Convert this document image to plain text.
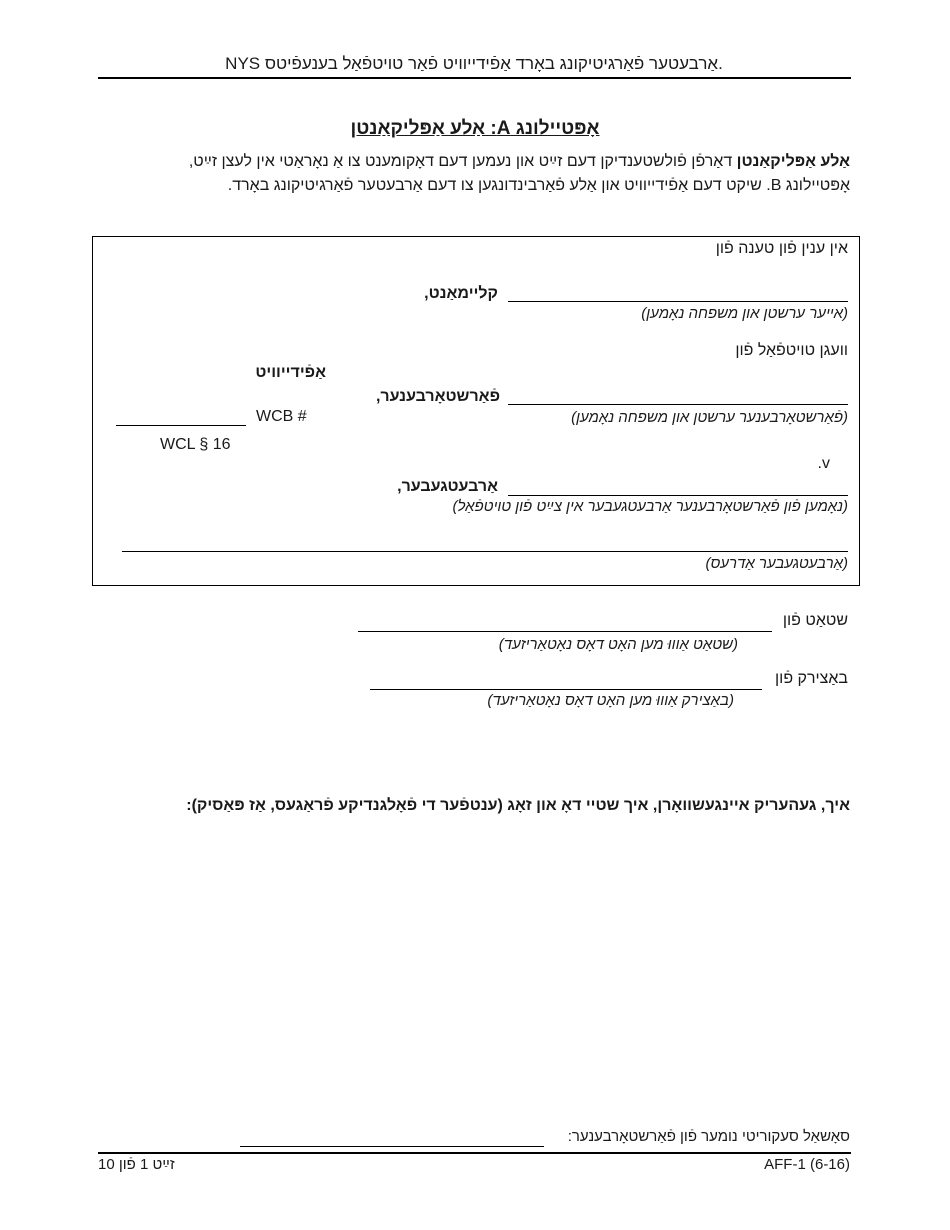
NYS אַרבעטער פֿאַרגיטיקונג באָרד אַפֿידייוויט פֿאַר טויטפֿאַל בענעפֿיטס.
אָפּטיילונג A: אַלע אַפּליקאַנטן
אַלע אַפּליקאַנטן דאַרפֿן פֿולשטענדיקן דעם זײַט און נעמען דעם דאָקומענט צו אַ נאָראַטי אין לעצן זײַט,
אָפּטיילונג B. שיקט דעם אַפֿידייוויט און אַלע פֿאַרבינדונגען צו דעם אַרבעטער פֿאַרגיטיקונג באָרד.
אין ענין פֿון טענה פֿון
קלײמאַנט,
(אײער ערשטן און משפחה נאָמען)
וועגן טויטפֿאַל פֿון
אַפֿידייוויט
פֿאַרשטאָרבענער,
(פֿאַרשטאָרבענער ערשטן און משפחה נאָמען)
WCB #
WCL § 16
v.
אַרבעטגעבער,
(נאָמען פֿון פֿאַרשטאָרבענער אַרבעטגעבער אין צײַט פֿון טויטפֿאַל)
(אַרבעטגעבער אַדרעס)
שטאַט פֿון
(שטאַט אַוווּ מען האָט דאָס נאָטאַריזעד)
באַצירק פֿון
(באַצירק אַוווּ מען האָט דאָס נאָטאַריזעד)
איך, געהעריק אײנגעשוואָרן, איך שטיי דאָ און זאָג (ענטפֿער די פֿאָלגנדיקע פֿראַגעס, אַז פּאַסיק):
סאָשאַל סעקוריטי נומער פֿון פֿאַרשטאָרבענער:
AFF-1 (6-16)
זײַט 1 פֿון 10
